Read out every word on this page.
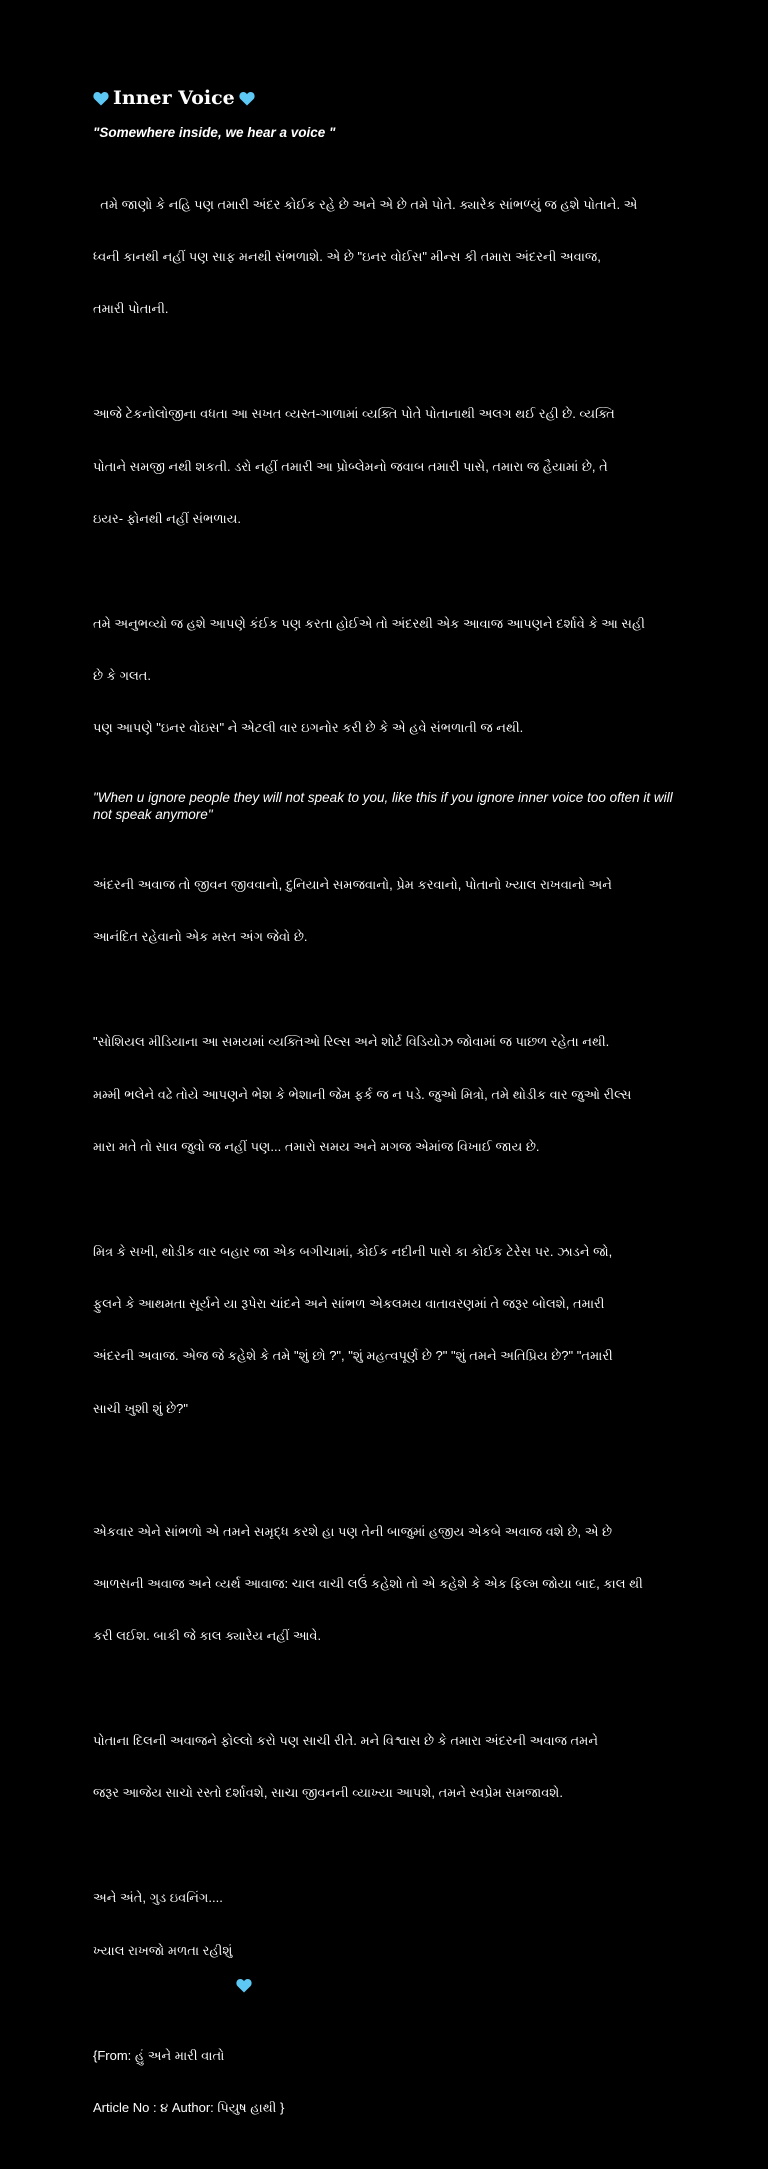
Inner Voice
"Somewhere inside, we hear a voice "

તમે જાણો કે નહિ પણ તમારી અંદર કોઈક રહે છે અને એ છે તમે પોતે. ક્યારેક સાંભળ્યું જ હશે પોતાને. એ

ધ્વની કાનથી નહીં પણ સાફ મનથી સંભળાશે. એ છે "ઇનર વોઈસ" મીન્સ કી તમારા અંદરની અવાજ,

તમારી પોતાની.

આજે ટેકનોલોજીના વધતા આ સખત વ્યસ્ત-ગાળામાં વ્યક્તિ પોતે પોતાનાથી અલગ થઈ રહી છે. વ્યક્તિ

પોતાને સમજી નથી શકતી. ડરો નહીં તમારી આ પ્રોબ્લેમનો જવાબ તમારી પાસે, તમારા જ હૈયામાં છે, તે

ઇયર- ફોનથી નહીં સંભળાય.

તમે અનુભવ્યો જ હશે આપણે કંઈક પણ કરતા હોઈએ તો અંદરથી એક આવાજ આપણને દર્શાવે કે આ સહી

છે કે ગલત.

પણ આપણે "ઇનર વોઇસ" ને એટલી વાર ઇગનોર કરી છે કે એ હવે સંભળાતી જ નથી.

"When u ignore people they will not speak to you, like this if you ignore inner voice too often it will not speak anymore"

અંદરની અવાજ તો જીવન જીવવાનો, દુનિયાને સમજવાનો, પ્રેમ કરવાનો, પોતાનો ખ્યાલ રાખવાનો અને

આનંદિત રહેવાનો એક મસ્ત અંગ જેવો છે.

"સોશિયલ મીડિયાના આ સમયમાં વ્યક્તિઓ રિલ્સ અને શોર્ટ વિડિયોઝ જોવામાં જ પાછળ રહેતા નથી.

મમ્મી ભલેને વઢે તોયે આપણને ભેશ કે ભેશાની જેમ ફર્ક જ ન પડે. જુઓ મિત્રો, તમે થોડીક વાર જુઓ રીલ્સ

મારા મતે તો સાવ જુવો જ નહીં પણ... તમારો સમય અને મગજ એમાંજ વિખાઈ જાય છે.

મિત્ર કે સખી, થોડીક વાર બહાર જા એક બગીચામાં, કોઈક નદીની પાસે કા કોઈક ટેરેસ પર. ઝાડને જો,

ફુલને કે આથમતા સૂર્યને યા રૂપેરા ચાંદને અને સાંભળ એકલમય વાતાવરણમાં તે જરૂર બોલશે, તમારી

અંદરની અવાજ. એજ જે કહેશે કે તમે "શું છો ?", "શું મહત્વપૂર્ણ છે ?" "શું તમને અતિપ્રિય છે?" "તમારી

સાચી ખુશી શું છે?"

એકવાર એને સાંભળો એ તમને સમૃદ્ધ કરશે હા પણ તેની બાજુમાં હજીય એકબે અવાજ વશે છે, એ છે

આળસની અવાજ અને વ્યર્થ આવાજ: ચાલ વાચી લઉં કહેશો તો એ કહેશે કે એક ફિલ્મ જોયા બાદ, કાલ થી

કરી લઈશ. બાકી જે કાલ ક્યારેય નહીં આવે.

પોતાના દિલની અવાજને ફોલ્લો કરો પણ સાચી રીતે. મને વિશ્વાસ છે કે તમારા અંદરની અવાજ તમને

જરૂર આજેય સાચો રસ્તો દર્શાવશે, સાચા જીવનની વ્યાખ્યા આપશે, તમને સ્વપ્રેમ સમજાવશે.

અને અંતે, ગુડ ઇવનિંગ....

ખ્યાલ રાખજો મળતા રહીશું

{From: હું અને મારી વાતો

Article No : ૪ Author: પિયુષ હાથી }
